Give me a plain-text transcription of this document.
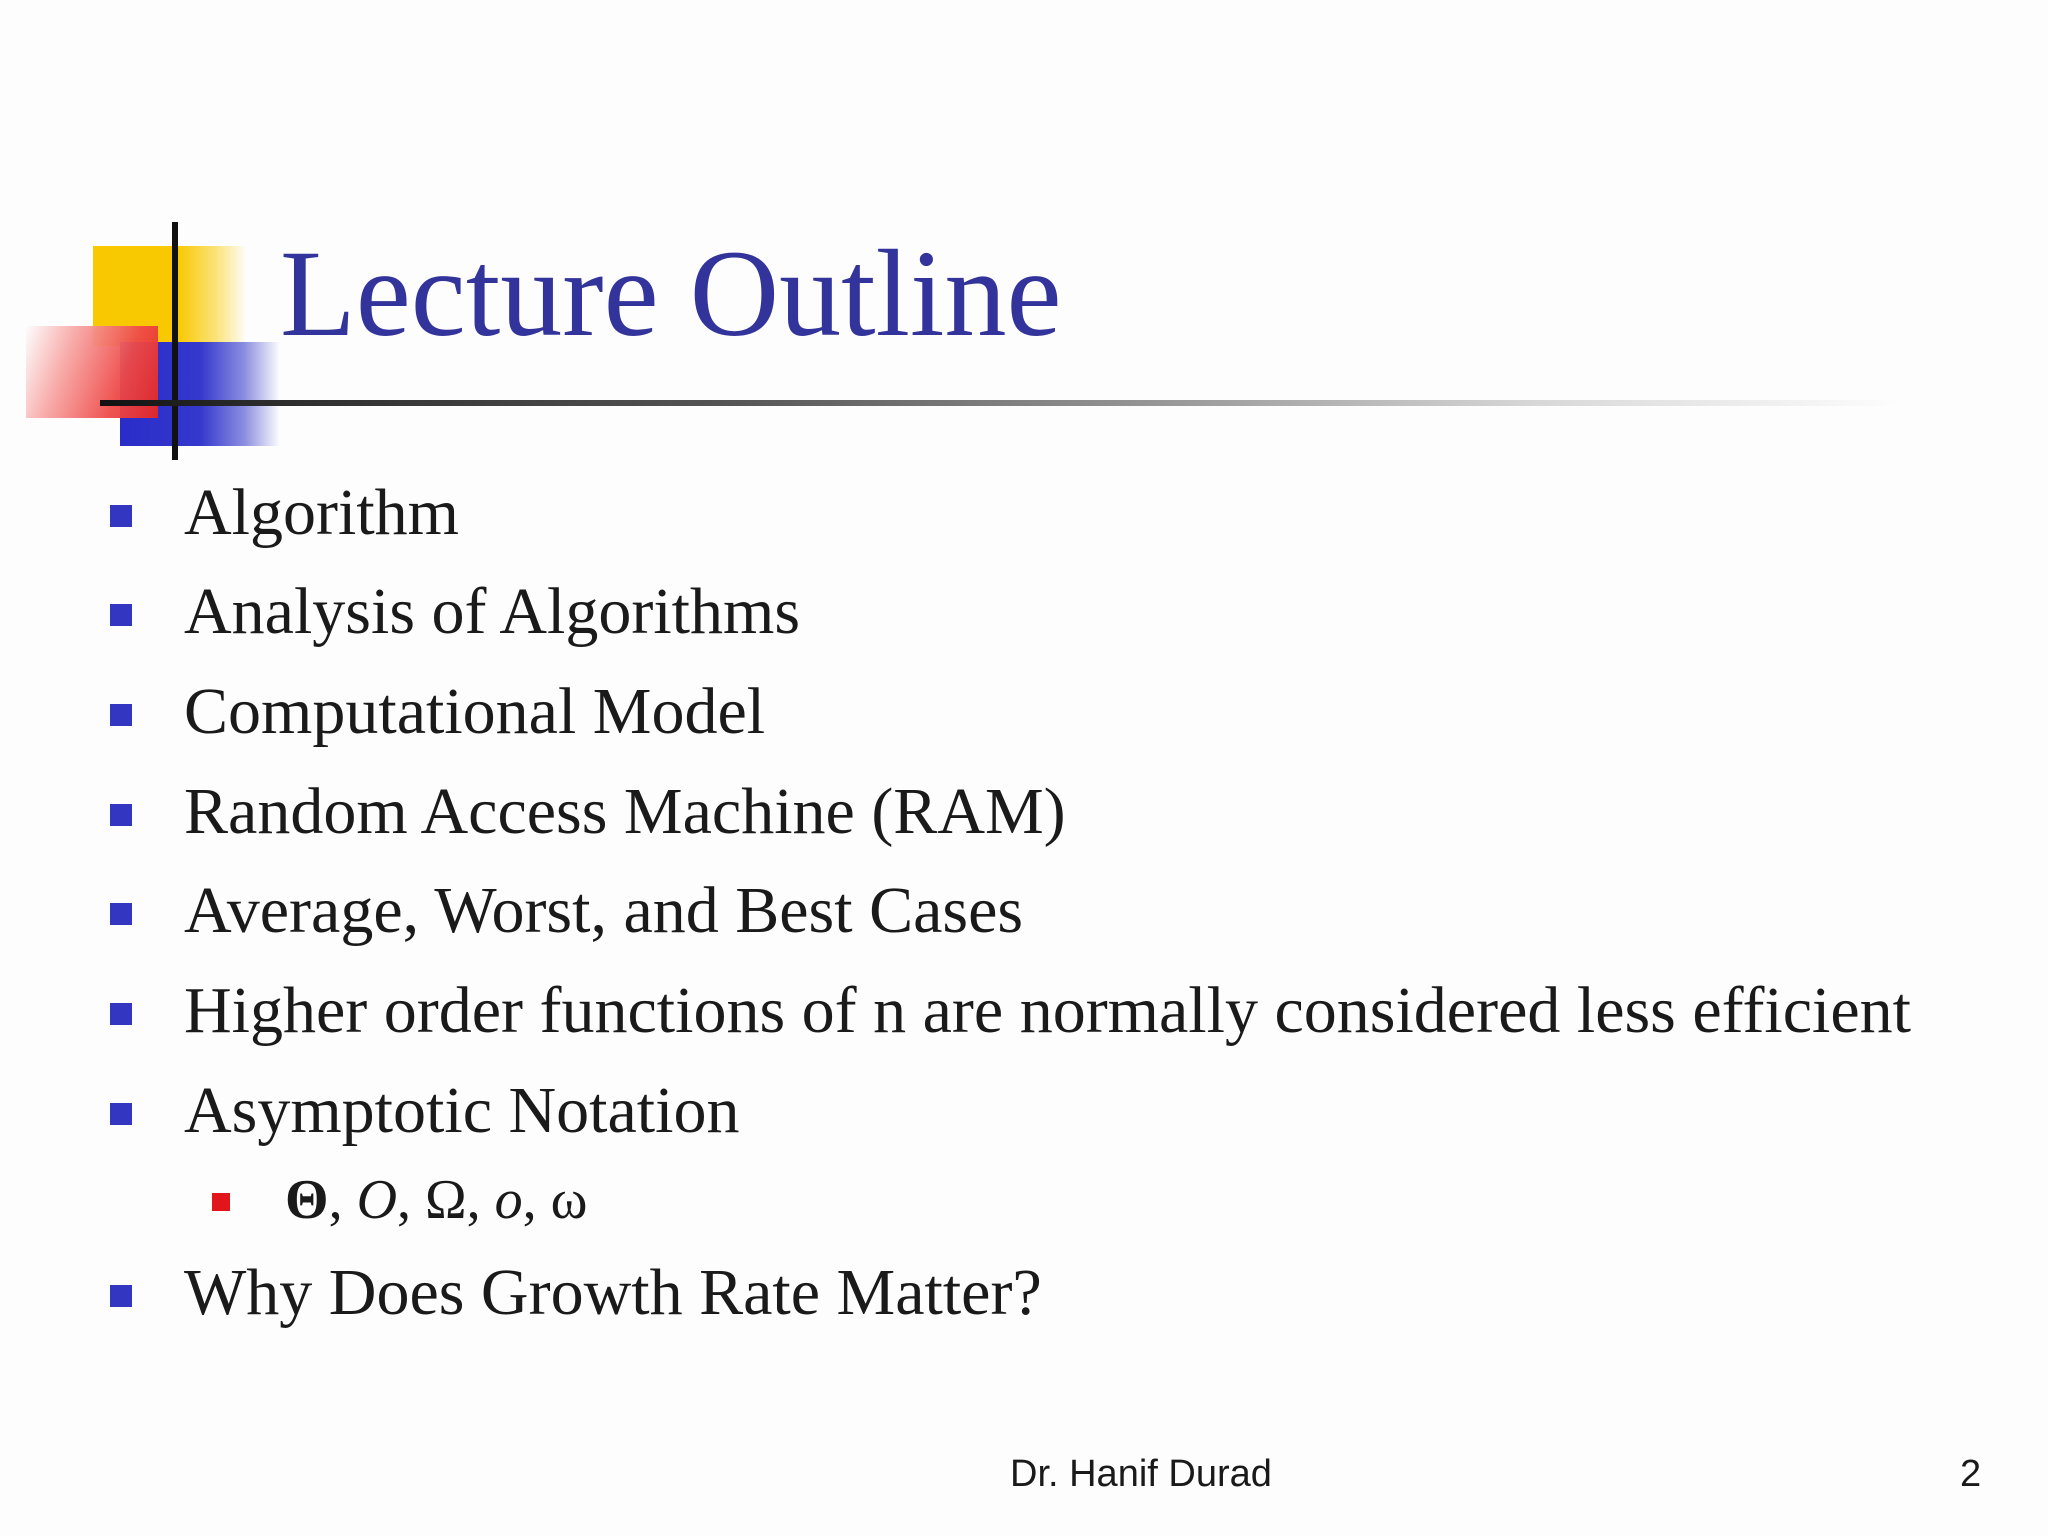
Lecture Outline
Algorithm
Analysis of Algorithms
Computational Model
Random Access Machine (RAM)
Average, Worst, and Best Cases
Higher order functions of n are normally considered less efficient
Asymptotic Notation
Θ, O, Ω, o, ω
Why Does Growth Rate Matter?
Dr. Hanif Durad	2
